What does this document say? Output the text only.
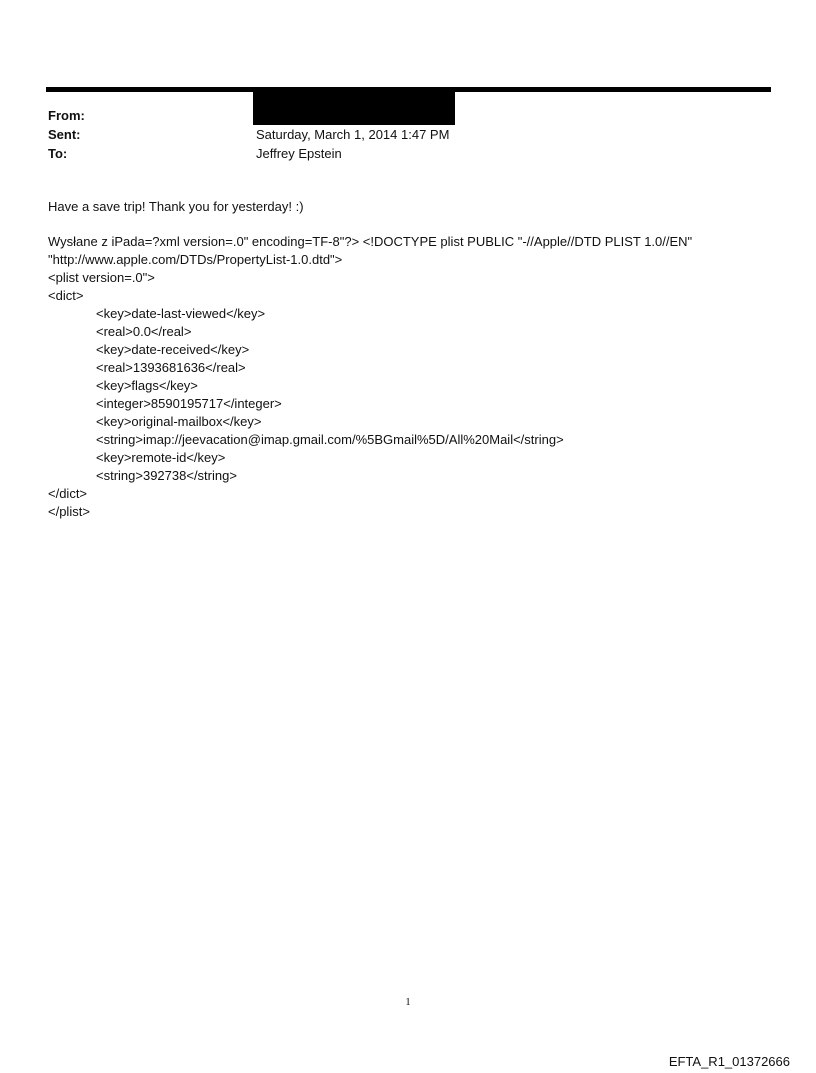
From:
Sent:	Saturday, March 1, 2014 1:47 PM
To:	Jeffrey Epstein
Have a save trip! Thank you for yesterday! :)
Wysłane z iPada=?xml version=.0" encoding=TF-8"?> <!DOCTYPE plist PUBLIC "-//Apple//DTD PLIST 1.0//EN"
"http://www.apple.com/DTDs/PropertyList-1.0.dtd">
<plist version=.0">
<dict>
<key>date-last-viewed</key>
<real>0.0</real>
<key>date-received</key>
<real>1393681636</real>
<key>flags</key>
<integer>8590195717</integer>
<key>original-mailbox</key>
<string>imap://jeevacation@imap.gmail.com/%5BGmail%5D/All%20Mail</string>
<key>remote-id</key>
<string>392738</string>
</dict>
</plist>
1
EFTA_R1_01372666
